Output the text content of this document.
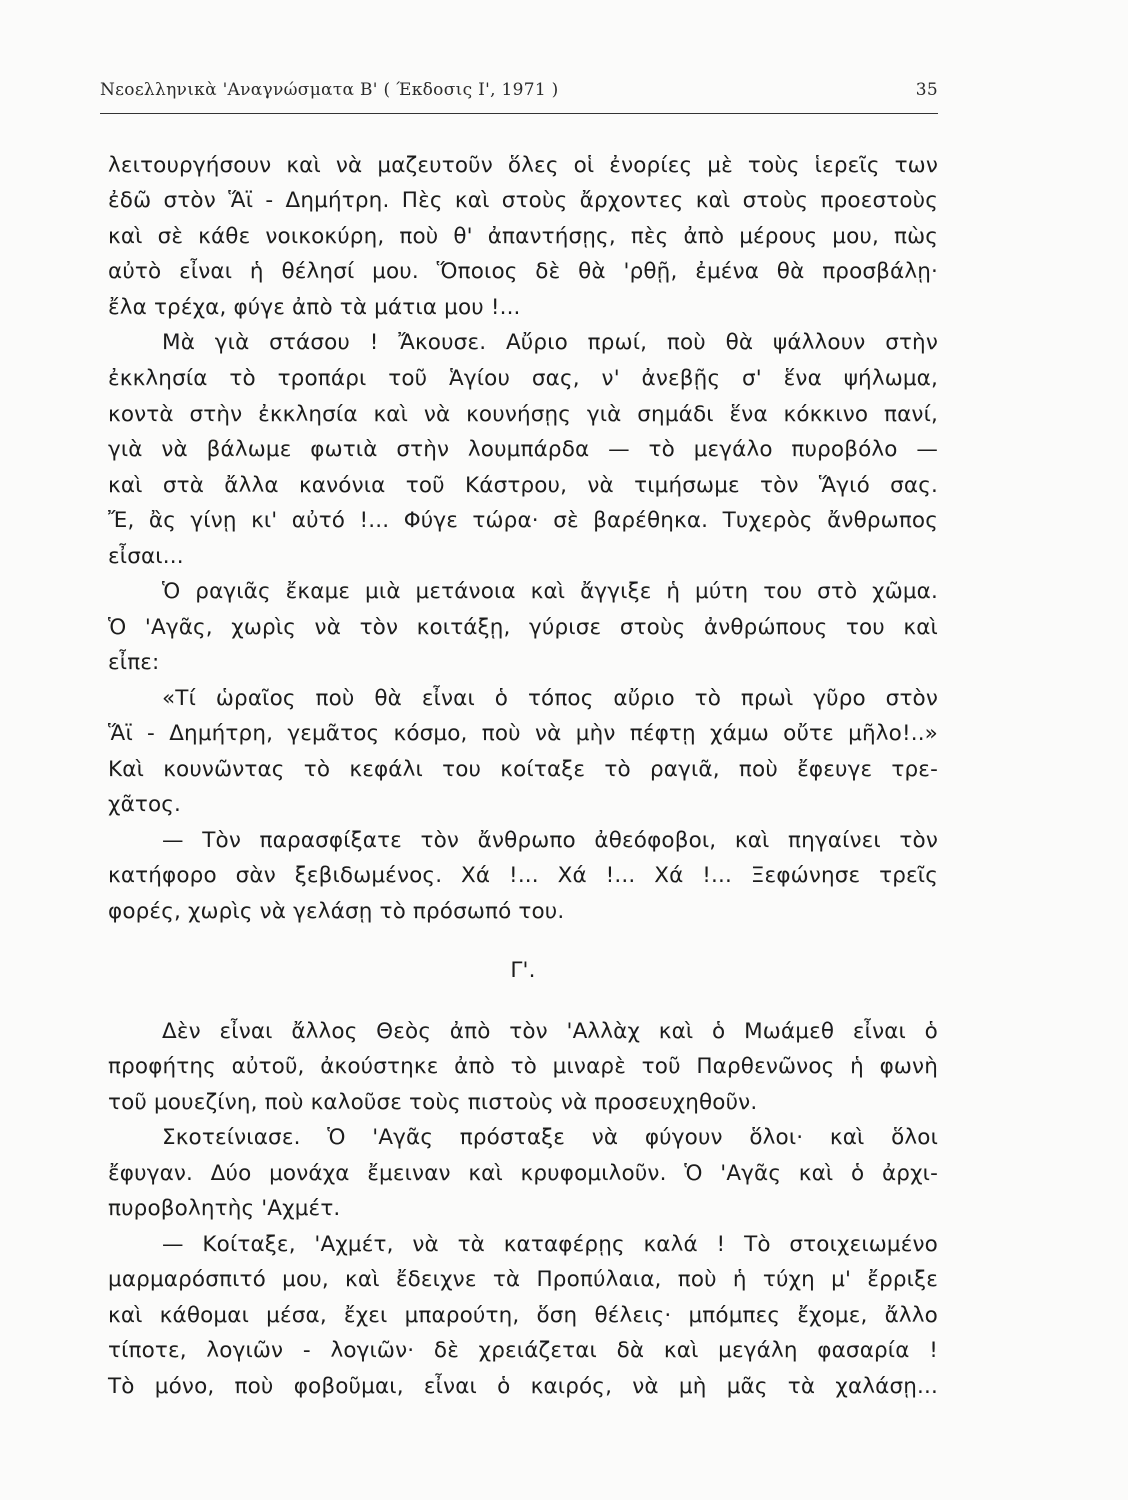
Νεοελληνικὰ 'Αναγνώσματα Β' ( Έκδοσις Ι', 1971 )	35
λειτουργήσουν καὶ νὰ μαζευτοῦν ὅλες οἱ ἐνορίες μὲ τοὺς ἱερεῖς των
ἐδῶ στὸν Ἅϊ - Δημήτρη. Πὲς καὶ στοὺς ἄρχοντες καὶ στοὺς προεστοὺς
καὶ σὲ κάθε νοικοκύρη, ποὺ θ' ἀπαντήσῃς, πὲς ἀπὸ μέρους μου, πὼς
αὐτὸ εἶναι ἡ θέλησί μου. Ὅποιος δὲ θὰ 'ρθῇ, ἐμένα θὰ προσβάλῃ·
ἔλα τρέχα, φύγε ἀπὸ τὰ μάτια μου !...
Μὰ γιὰ στάσου ! Ἄκουσε. Αὔριο πρωί, ποὺ θὰ ψάλλουν στὴν
ἐκκλησία τὸ τροπάρι τοῦ Ἁγίου σας, ν' ἀνεβῇς σ' ἕνα ψήλωμα,
κοντὰ στὴν ἐκκλησία καὶ νὰ κουνήσῃς γιὰ σημάδι ἕνα κόκκινο πανί,
γιὰ νὰ βάλωμε φωτιὰ στὴν λουμπάρδα — τὸ μεγάλο πυροβόλο —
καὶ στὰ ἄλλα κανόνια τοῦ Κάστρου, νὰ τιμήσωμε τὸν Ἅγιό σας.
Ἔ, ἂς γίνῃ κι' αὐτό !... Φύγε τώρα· σὲ βαρέθηκα. Τυχερὸς ἄνθρωπος
εἶσαι...
Ὁ ραγιᾶς ἔκαμε μιὰ μετάνοια καὶ ἄγγιξε ἡ μύτη του στὸ χῶμα.
Ὁ 'Αγᾶς, χωρὶς νὰ τὸν κοιτάξῃ, γύρισε στοὺς ἀνθρώπους του καὶ
εἶπε:
«Τί ὡραῖος ποὺ θὰ εἶναι ὁ τόπος αὔριο τὸ πρωὶ γῦρο στὸν
Ἅϊ - Δημήτρη, γεμᾶτος κόσμο, ποὺ νὰ μὴν πέφτῃ χάμω οὔτε μῆλο!..»
Καὶ κουνῶντας τὸ κεφάλι του κοίταξε τὸ ραγιᾶ, ποὺ ἔφευγε τρε-
χᾶτος.
— Τὸν παρασφίξατε τὸν ἄνθρωπο ἀθεόφοβοι, καὶ πηγαίνει τὸν
κατήφορο σὰν ξεβιδωμένος. Χά !... Χά !... Χά !... Ξεφώνησε τρεῖς
φορές, χωρὶς νὰ γελάσῃ τὸ πρόσωπό του.
Γ'.
Δὲν εἶναι ἄλλος Θεὸς ἀπὸ τὸν 'Αλλὰχ καὶ ὁ Μωάμεθ εἶναι ὁ
προφήτης αὐτοῦ, ἀκούστηκε ἀπὸ τὸ μιναρὲ τοῦ Παρθενῶνος ἡ φωνὴ
τοῦ μουεζίνη, ποὺ καλοῦσε τοὺς πιστοὺς νὰ προσευχηθοῦν.
Σκοτείνιασε. Ὁ 'Αγᾶς πρόσταξε νὰ φύγουν ὅλοι· καὶ ὅλοι
ἔφυγαν. Δύο μονάχα ἔμειναν καὶ κρυφομιλοῦν. Ὁ 'Αγᾶς καὶ ὁ ἀρχι-
πυροβολητὴς 'Αχμέτ.
— Κοίταξε, 'Αχμέτ, νὰ τὰ καταφέρῃς καλά ! Τὸ στοιχειωμένο
μαρμαρόσπιτό μου, καὶ ἔδειχνε τὰ Προπύλαια, ποὺ ἡ τύχη μ' ἔρριξε
καὶ κάθομαι μέσα, ἔχει μπαρούτη, ὅση θέλεις· μπόμπες ἔχομε, ἄλλο
τίποτε, λογιῶν - λογιῶν· δὲ χρειάζεται δὰ καὶ μεγάλη φασαρία !
Τὸ μόνο, ποὺ φοβοῦμαι, εἶναι ὁ καιρός, νὰ μὴ μᾶς τὰ χαλάσῃ...
